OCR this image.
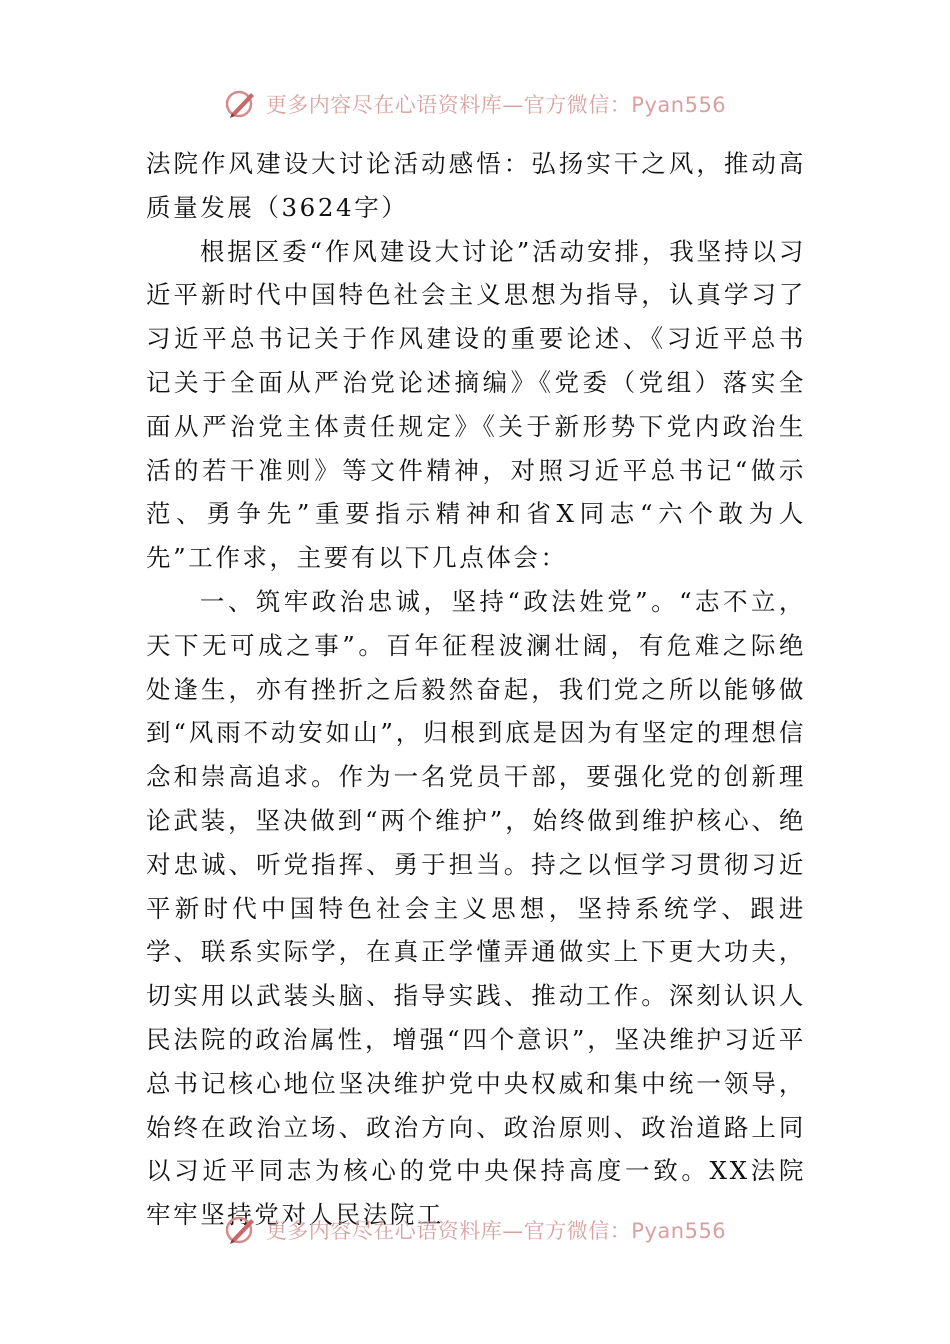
更多内容尽在心语资料库—官方微信：Pyan556

法院作风建设大讨论活动感悟：弘扬实干之风，推动高质量发展（3624字）

根据区委“作风建设大讨论”活动安排，我坚持以习近平新时代中国特色社会主义思想为指导，认真学习了习近平总书记关于作风建设的重要论述、《习近平总书记关于全面从严治党论述摘编》《党委（党组）落实全面从严治党主体责任规定》《关于新形势下党内政治生活的若干准则》等文件精神，对照习近平总书记“做示范、勇争先”重要指示精神和省X同志“六个敢为人先”工作求，主要有以下几点体会：

一、筑牢政治忠诚，坚持“政法姓党”。“志不立，天下无可成之事”。百年征程波澜壮阔，有危难之际绝处逢生，亦有挫折之后毅然奋起，我们党之所以能够做到“风雨不动安如山”，归根到底是因为有坚定的理想信念和崇高追求。作为一名党员干部，要强化党的创新理论武装，坚决做到“两个维护”，始终做到维护核心、绝对忠诚、听党指挥、勇于担当。持之以恒学习贯彻习近平新时代中国特色社会主义思想，坚持系统学、跟进学、联系实际学，在真正学懂弄通做实上下更大功夫，切实用以武装头脑、指导实践、推动工作。深刻认识人民法院的政治属性，增强“四个意识”，坚决维护习近平总书记核心地位坚决维护党中央权威和集中统一领导，始终在政治立场、政治方向、政治原则、政治道路上同以习近平同志为核心的党中央保持高度一致。XX法院牢牢坚持党对人民法院工

更多内容尽在心语资料库—官方微信：Pyan556
